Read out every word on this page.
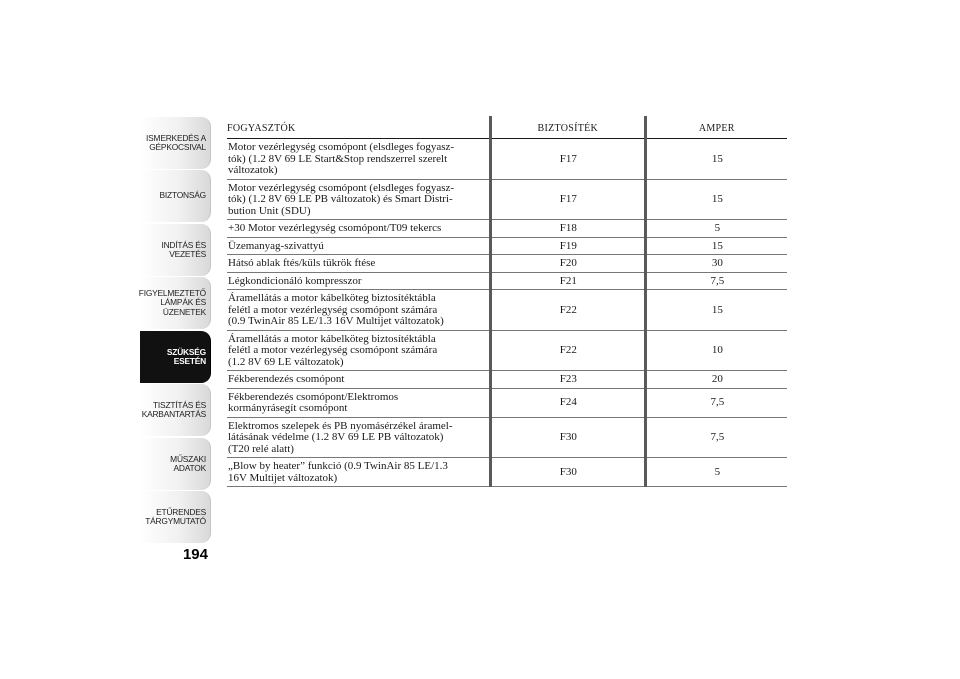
ISMERKEDÉS A
GÉPKOCSIVAL
BIZTONSÁG
INDÍTÁS ÉS
VEZETÉS
FIGYELMEZTETŐ
LÁMPÁK ÉS
ÜZENETEK
SZÜKSÉG ESETÉN
TISZTÍTÁS ÉS
KARBANTARTÁS
MŰSZAKI ADATOK
ETŰRENDES
TÁRGYMUTATÓ
194
FOGYASZTÓK	BIZTOSÍTÉK	AMPER

Motor vezérlegység csomópont (elsdleges fogyasz-
tók) (1.2 8V 69 LE Start&Stop rendszerrel szerelt
változatok)	F17	15

Motor vezérlegység csomópont (elsdleges fogyasz-
tók) (1.2 8V 69 LE PB változatok) és Smart Distri-
bution Unit (SDU)	F17	15

+30 Motor vezérlegység csomópont/T09 tekercs	F18	5

Üzemanyag-szivattyú	F19	15

Hátsó ablak ftés/küls tükrök ftése	F20	30

Légkondicionáló kompresszor	F21	7,5

Áramellátás a motor kábelköteg biztosítéktábla
felétl a motor vezérlegység csomópont számára
(0.9 TwinAir 85 LE/1.3 16V Multijet változatok)	F22	15

Áramellátás a motor kábelköteg biztosítéktábla
felétl a motor vezérlegység csomópont számára
(1.2 8V 69 LE változatok)	F22	10

Fékberendezés csomópont	F23	20

Fékberendezés csomópont/Elektromos
kormányrásegít csomópont	F24	7,5

Elektromos szelepek és PB nyomásérzékel áramel-
látásának védelme (1.2 8V 69 LE PB változatok)
(T20 relé alatt)	F30	7,5

„Blow by heater” funkció (0.9 TwinAir 85 LE/1.3
16V Multijet változatok)	F30	5
